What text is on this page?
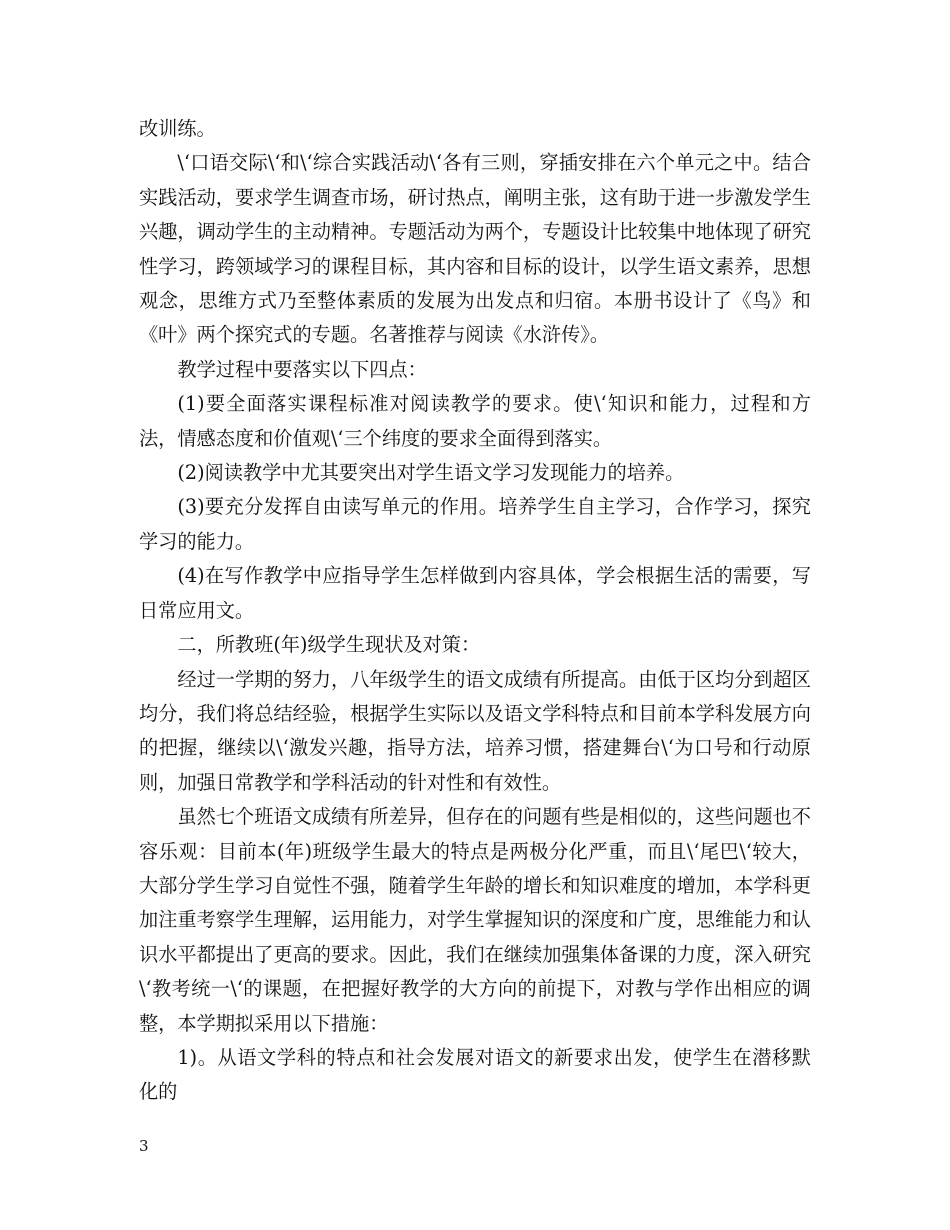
改训练。

\‘口语交际\‘和\‘综合实践活动\‘各有三则，穿插安排在六个单元之中。结合实践活动，要求学生调查市场，研讨热点，阐明主张，这有助于进一步激发学生兴趣，调动学生的主动精神。专题活动为两个，专题设计比较集中地体现了研究性学习，跨领域学习的课程目标，其内容和目标的设计，以学生语文素养，思想观念，思维方式乃至整体素质的发展为出发点和归宿。本册书设计了《鸟》和《叶》两个探究式的专题。名著推荐与阅读《水浒传》。

教学过程中要落实以下四点：

(1)要全面落实课程标准对阅读教学的要求。使\‘知识和能力，过程和方法，情感态度和价值观\‘三个纬度的要求全面得到落实。

(2)阅读教学中尤其要突出对学生语文学习发现能力的培养。

(3)要充分发挥自由读写单元的作用。培养学生自主学习，合作学习，探究学习的能力。

(4)在写作教学中应指导学生怎样做到内容具体，学会根据生活的需要，写日常应用文。

二，所教班(年)级学生现状及对策：

经过一学期的努力，八年级学生的语文成绩有所提高。由低于区均分到超区均分，我们将总结经验，根据学生实际以及语文学科特点和目前本学科发展方向的把握，继续以\‘激发兴趣，指导方法，培养习惯，搭建舞台\‘为口号和行动原则，加强日常教学和学科活动的针对性和有效性。

虽然七个班语文成绩有所差异，但存在的问题有些是相似的，这些问题也不容乐观：目前本(年)班级学生最大的特点是两极分化严重，而且\‘尾巴\‘较大，大部分学生学习自觉性不强，随着学生年龄的增长和知识难度的增加，本学科更加注重考察学生理解，运用能力，对学生掌握知识的深度和广度，思维能力和认识水平都提出了更高的要求。因此，我们在继续加强集体备课的力度，深入研究\‘教考统一\‘的课题，在把握好教学的大方向的前提下，对教与学作出相应的调整，本学期拟采用以下措施：

1)。从语文学科的特点和社会发展对语文的新要求出发，使学生在潜移默化的

3
